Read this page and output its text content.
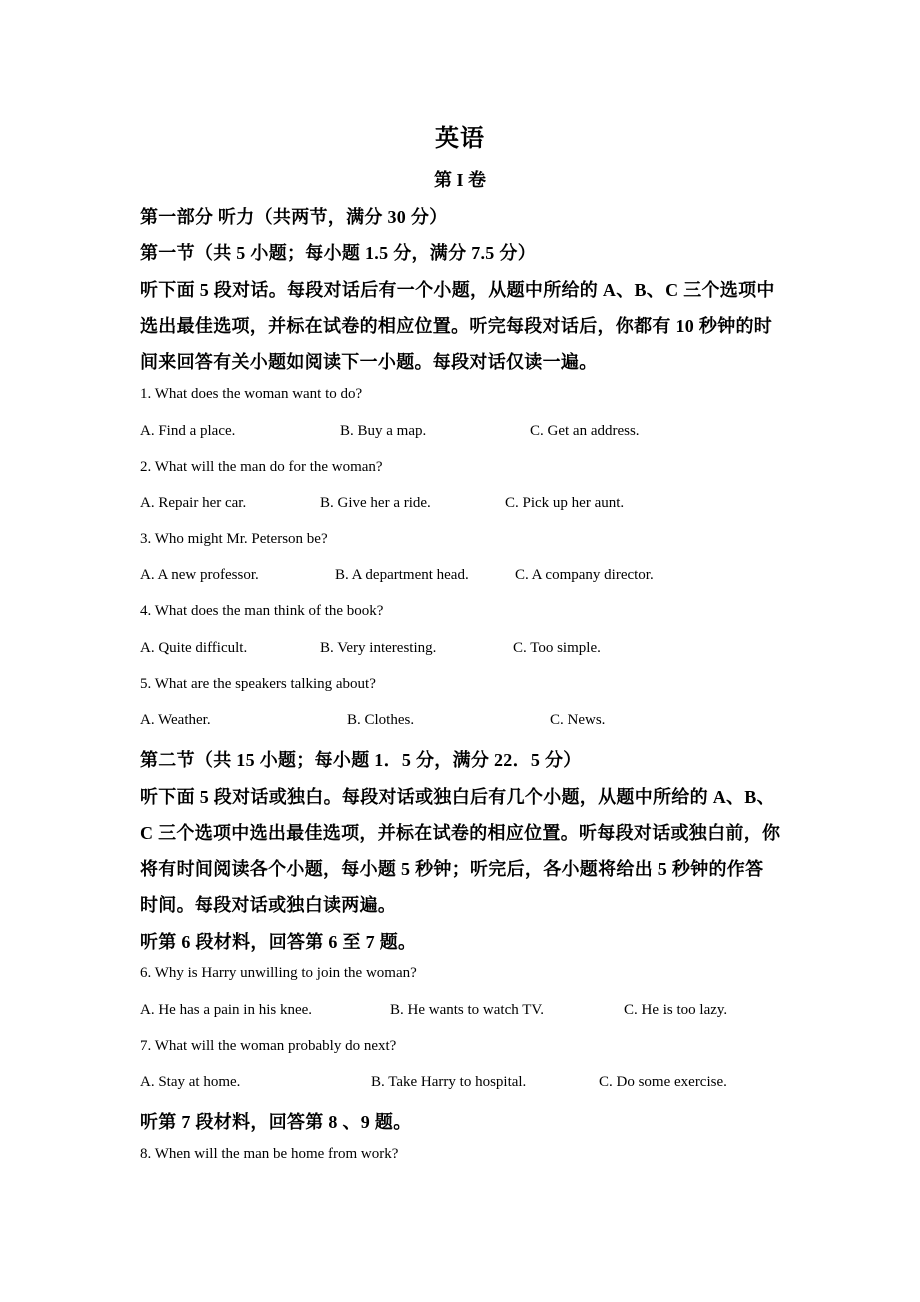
英语
第 I 卷
第一部分 听力（共两节，满分 30 分）
第一节（共 5 小题；每小题 1.5 分，满分 7.5 分）
听下面 5 段对话。每段对话后有一个小题，从题中所给的 A、B、C 三个选项中
选出最佳选项，并标在试卷的相应位置。听完每段对话后，你都有 10 秒钟的时
间来回答有关小题如阅读下一小题。每段对话仅读一遍。
1. What does the woman want to do?
A. Find a place.	B. Buy a map.	C. Get an address.
2. What will the man do for the woman?
A. Repair her car.	B. Give her a ride.	C. Pick up her aunt.
3. Who might Mr. Peterson be?
A. A new professor.	B. A department head.	C. A company director.
4. What does the man think of the book?
A. Quite difficult.	B. Very interesting.	C. Too simple.
5. What are the speakers talking about?
A. Weather.	B. Clothes.	C. News.
第二节（共 15 小题；每小题 1．5 分，满分 22．5 分）
听下面 5 段对话或独白。每段对话或独白后有几个小题，从题中所给的 A、B、
C 三个选项中选出最佳选项，并标在试卷的相应位置。听每段对话或独白前，你
将有时间阅读各个小题，每小题 5 秒钟；听完后，各小题将给出 5 秒钟的作答
时间。每段对话或独白读两遍。
听第 6 段材料，回答第 6 至 7 题。
6. Why is Harry unwilling to join the woman?
A. He has a pain in his knee.	B. He wants to watch TV.	C. He is too lazy.
7. What will the woman probably do next?
A. Stay at home.	B. Take Harry to hospital.	C. Do some exercise.
听第 7 段材料，回答第 8 、9 题。
8. When will the man be home from work?
